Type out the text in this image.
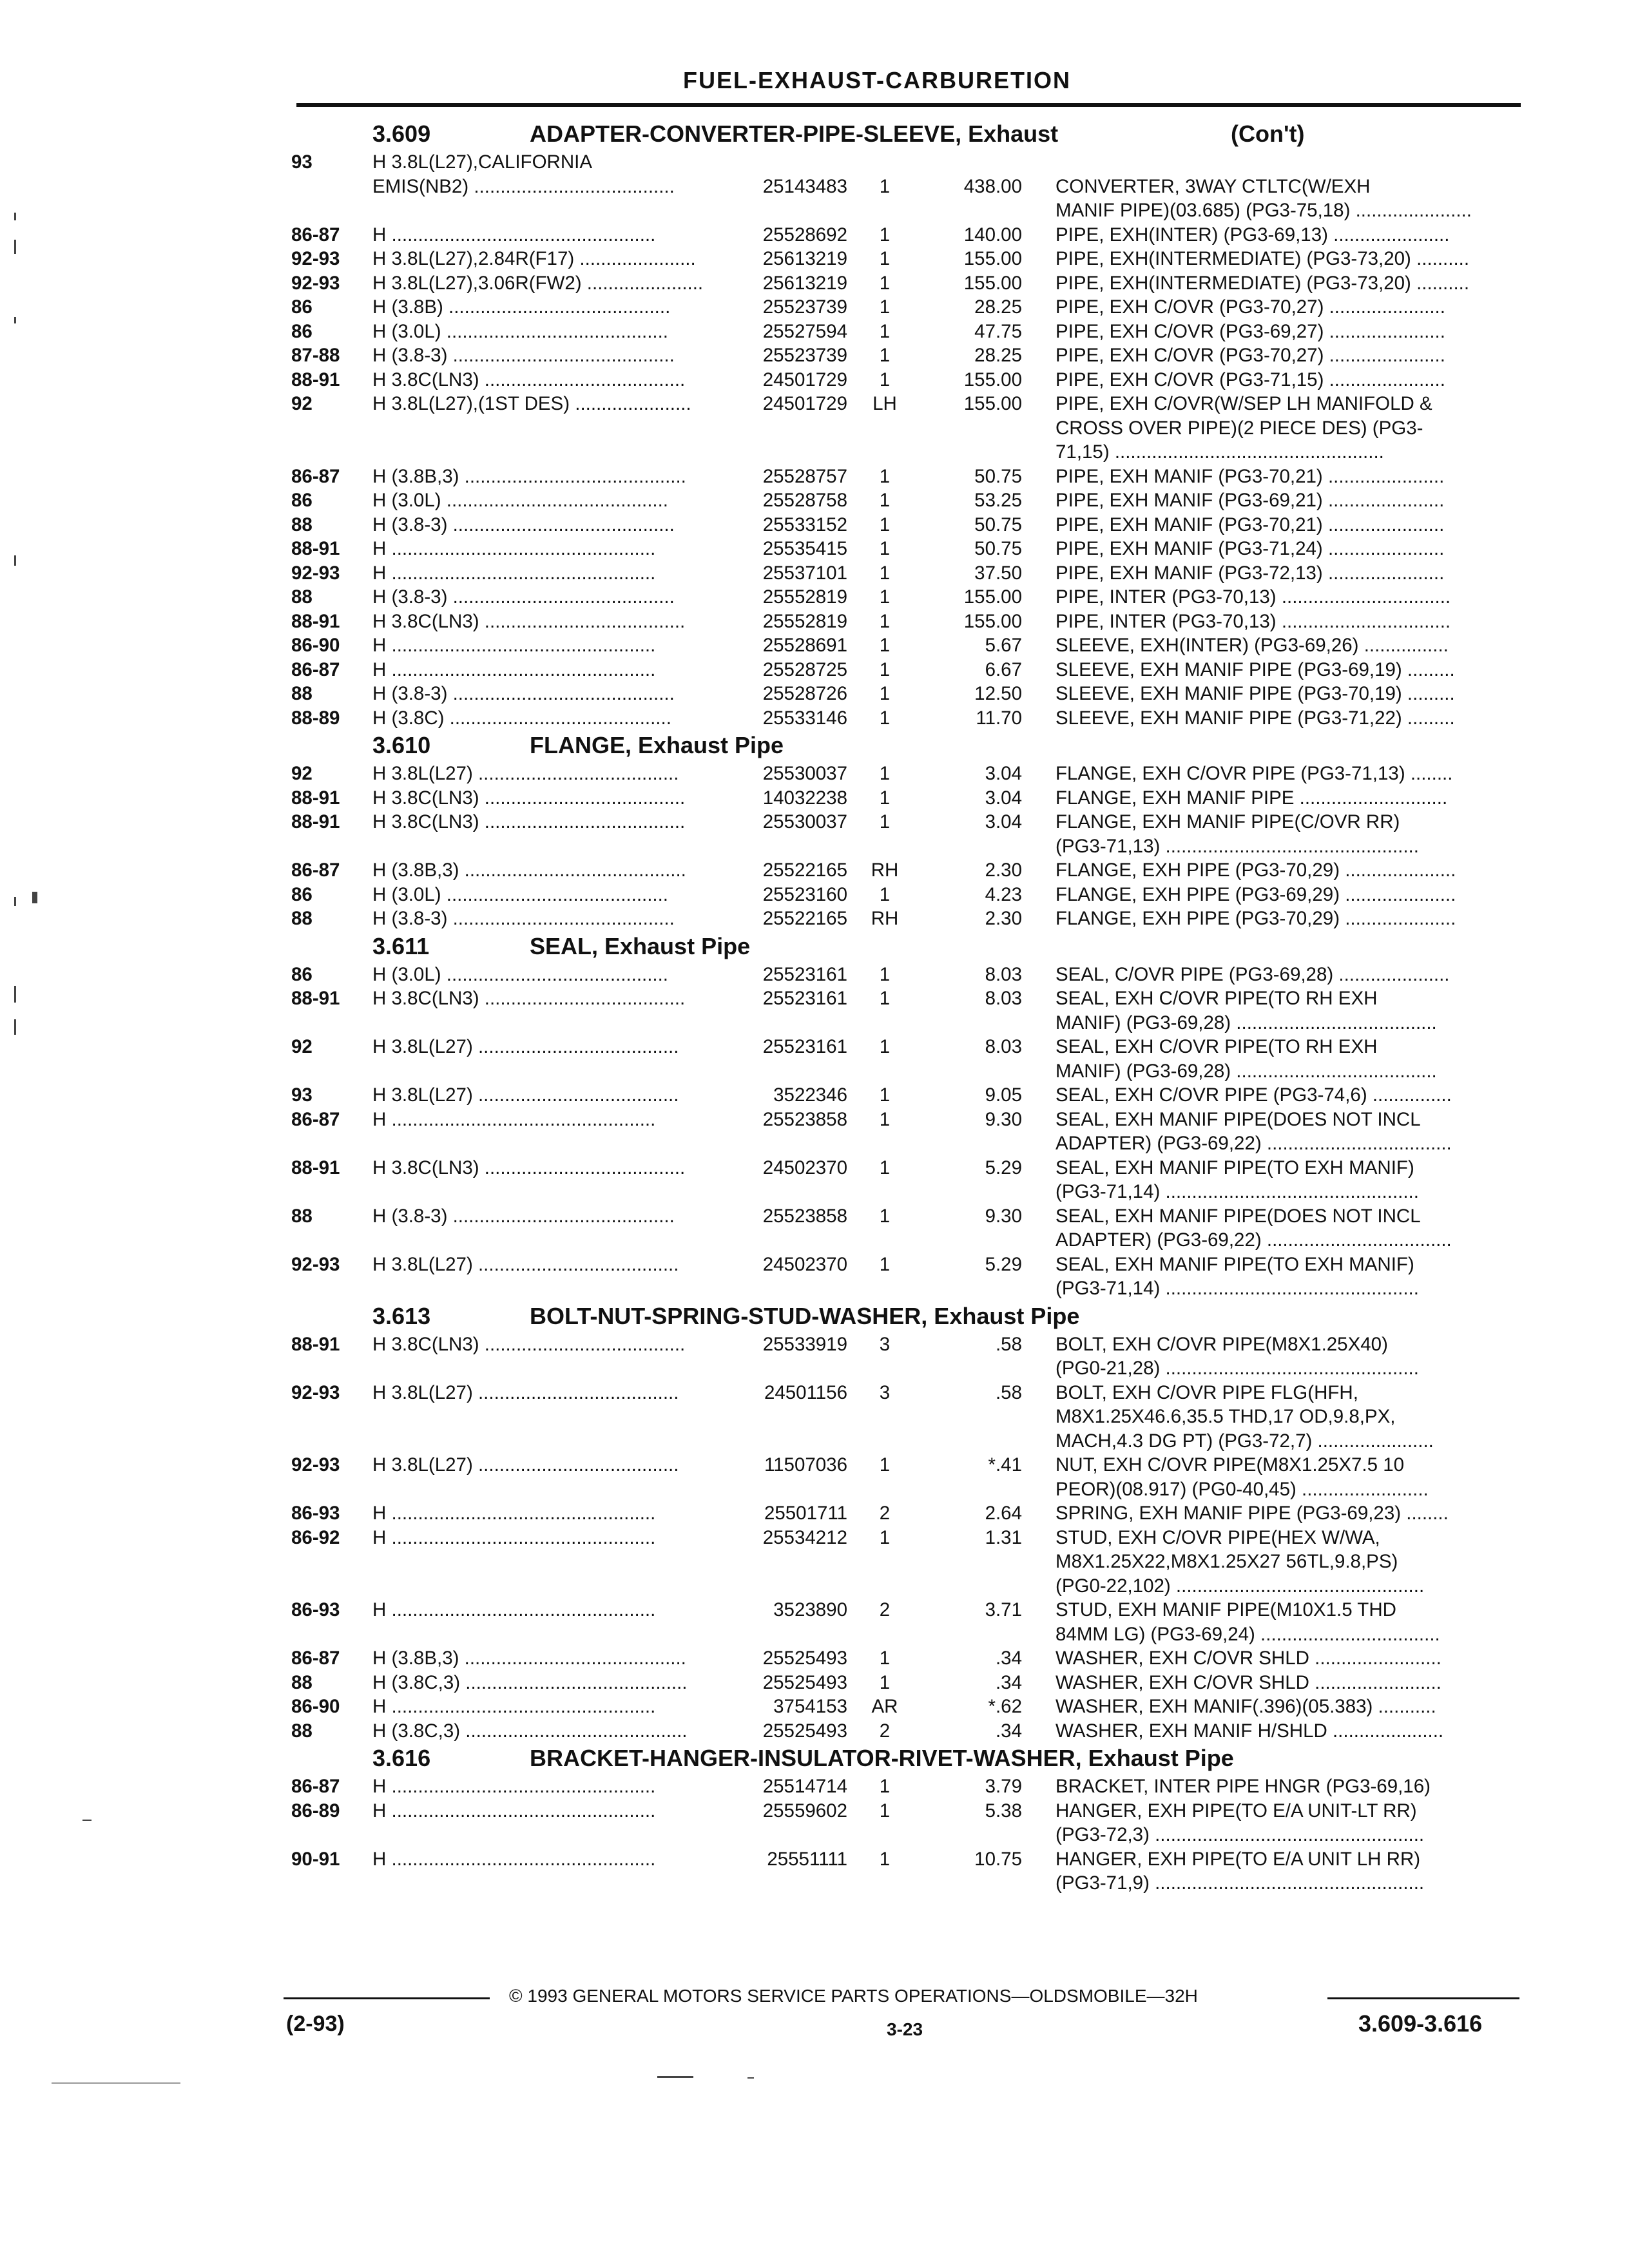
FUEL-EXHAUST-CARBURETION
3.609	ADAPTER-CONVERTER-PIPE-SLEEVE, Exhaust	(Con't)
93	H 3.8L(L27),CALIFORNIA
EMIS(NB2) ......................................	25143483	1	438.00 CONVERTER, 3WAY CTLTC(W/EXH
MANIF PIPE)(03.685) (PG3-75,18) ......................
86-87 H ..................................................	25528692	1	140.00 PIPE, EXH(INTER) (PG3-69,13) ......................
92-93 H 3.8L(L27),2.84R(F17) ......................	25613219	1	155.00 PIPE, EXH(INTERMEDIATE) (PG3-73,20) ..........
92-93 H 3.8L(L27),3.06R(FW2) ......................	25613219	1	155.00 PIPE, EXH(INTERMEDIATE) (PG3-73,20) ..........
86	H (3.8B) ..........................................	25523739	1	28.25 PIPE, EXH C/OVR (PG3-70,27) ......................
86	H (3.0L) ..........................................	25527594	1	47.75 PIPE, EXH C/OVR (PG3-69,27) ......................
87-88 H (3.8-3) ..........................................	25523739	1	28.25 PIPE, EXH C/OVR (PG3-70,27) ......................
88-91 H 3.8C(LN3) ......................................	24501729	1	155.00 PIPE, EXH C/OVR (PG3-71,15) ......................
92	H 3.8L(L27),(1ST DES) ......................	24501729	LH	155.00 PIPE, EXH C/OVR(W/SEP LH MANIFOLD &
CROSS OVER PIPE)(2 PIECE DES) (PG3-
71,15) ...................................................
86-87 H (3.8B,3) ..........................................	25528757	1	50.75 PIPE, EXH MANIF (PG3-70,21) ......................
86	H (3.0L) ..........................................	25528758	1	53.25 PIPE, EXH MANIF (PG3-69,21) ......................
88	H (3.8-3) ..........................................	25533152	1	50.75 PIPE, EXH MANIF (PG3-70,21) ......................
88-91 H ..................................................	25535415	1	50.75 PIPE, EXH MANIF (PG3-71,24) ......................
92-93 H ..................................................	25537101	1	37.50 PIPE, EXH MANIF (PG3-72,13) ......................
88	H (3.8-3) ..........................................	25552819	1	155.00 PIPE, INTER (PG3-70,13) ................................
88-91 H 3.8C(LN3) ......................................	25552819	1	155.00 PIPE, INTER (PG3-70,13) ................................
86-90 H ..................................................	25528691	1	5.67 SLEEVE, EXH(INTER) (PG3-69,26) ................
86-87 H ..................................................	25528725	1	6.67 SLEEVE, EXH MANIF PIPE (PG3-69,19) .........
88	H (3.8-3) ..........................................	25528726	1	12.50 SLEEVE, EXH MANIF PIPE (PG3-70,19) .........
88-89 H (3.8C) ..........................................	25533146	1	11.70 SLEEVE, EXH MANIF PIPE (PG3-71,22) .........
3.610	FLANGE, Exhaust Pipe
92	H 3.8L(L27) ......................................	25530037	1	3.04 FLANGE, EXH C/OVR PIPE (PG3-71,13) ........
88-91 H 3.8C(LN3) ......................................	14032238	1	3.04 FLANGE, EXH MANIF PIPE ............................
88-91 H 3.8C(LN3) ......................................	25530037	1	3.04 FLANGE, EXH MANIF PIPE(C/OVR RR)
(PG3-71,13) ................................................
86-87 H (3.8B,3) ..........................................	25522165	RH	2.30 FLANGE, EXH PIPE (PG3-70,29) .....................
86	H (3.0L) ..........................................	25523160	1	4.23 FLANGE, EXH PIPE (PG3-69,29) .....................
88	H (3.8-3) ..........................................	25522165	RH	2.30 FLANGE, EXH PIPE (PG3-70,29) .....................
3.611	SEAL, Exhaust Pipe
86	H (3.0L) ..........................................	25523161	1	8.03 SEAL, C/OVR PIPE (PG3-69,28) .....................
88-91 H 3.8C(LN3) ......................................	25523161	1	8.03 SEAL, EXH C/OVR PIPE(TO RH EXH
MANIF) (PG3-69,28) ......................................
92	H 3.8L(L27) ......................................	25523161	1	8.03 SEAL, EXH C/OVR PIPE(TO RH EXH
MANIF) (PG3-69,28) ......................................
93	H 3.8L(L27) ......................................	3522346	1	9.05 SEAL, EXH C/OVR PIPE (PG3-74,6) ...............
86-87 H ..................................................	25523858	1	9.30 SEAL, EXH MANIF PIPE(DOES NOT INCL
ADAPTER) (PG3-69,22) ...................................
88-91 H 3.8C(LN3) ......................................	24502370	1	5.29 SEAL, EXH MANIF PIPE(TO EXH MANIF)
(PG3-71,14) ................................................
88	H (3.8-3) ..........................................	25523858	1	9.30 SEAL, EXH MANIF PIPE(DOES NOT INCL
ADAPTER) (PG3-69,22) ...................................
92-93 H 3.8L(L27) ......................................	24502370	1	5.29 SEAL, EXH MANIF PIPE(TO EXH MANIF)
(PG3-71,14) ................................................
3.613	BOLT-NUT-SPRING-STUD-WASHER, Exhaust Pipe
88-91 H 3.8C(LN3) ......................................	25533919	3	.58 BOLT, EXH C/OVR PIPE(M8X1.25X40)
(PG0-21,28) ................................................
92-93 H 3.8L(L27) ......................................	24501156	3	.58 BOLT, EXH C/OVR PIPE FLG(HFH,
M8X1.25X46.6,35.5 THD,17 OD,9.8,PX,
MACH,4.3 DG PT) (PG3-72,7) ......................
92-93 H 3.8L(L27) ......................................	11507036	1	*.41 NUT, EXH C/OVR PIPE(M8X1.25X7.5 10
PEOR)(08.917) (PG0-40,45) ........................
86-93 H ..................................................	25501711	2	2.64 SPRING, EXH MANIF PIPE (PG3-69,23) ........
86-92 H ..................................................	25534212	1	1.31 STUD, EXH C/OVR PIPE(HEX W/WA,
M8X1.25X22,M8X1.25X27 56TL,9.8,PS)
(PG0-22,102) ...............................................
86-93 H ..................................................	3523890	2	3.71 STUD, EXH MANIF PIPE(M10X1.5 THD
84MM LG) (PG3-69,24) ..................................
86-87 H (3.8B,3) ..........................................	25525493	1	.34 WASHER, EXH C/OVR SHLD ........................
88	H (3.8C,3) ..........................................	25525493	1	.34 WASHER, EXH C/OVR SHLD ........................
86-90 H ..................................................	3754153	AR	*.62 WASHER, EXH MANIF(.396)(05.383) ...........
88	H (3.8C,3) ..........................................	25525493	2	.34 WASHER, EXH MANIF H/SHLD .....................
3.616	BRACKET-HANGER-INSULATOR-RIVET-WASHER, Exhaust Pipe
86-87 H ..................................................	25514714	1	3.79 BRACKET, INTER PIPE HNGR (PG3-69,16)
86-89 H ..................................................	25559602	1	5.38 HANGER, EXH PIPE(TO E/A UNIT-LT RR)
(PG3-72,3) ...................................................
90-91 H ..................................................	25551111	1	10.75 HANGER, EXH PIPE(TO E/A UNIT LH RR)
(PG3-71,9) ...................................................
© 1993 GENERAL MOTORS SERVICE PARTS OPERATIONS—OLDSMOBILE—32H
(2-93)	3-23	3.609-3.616
